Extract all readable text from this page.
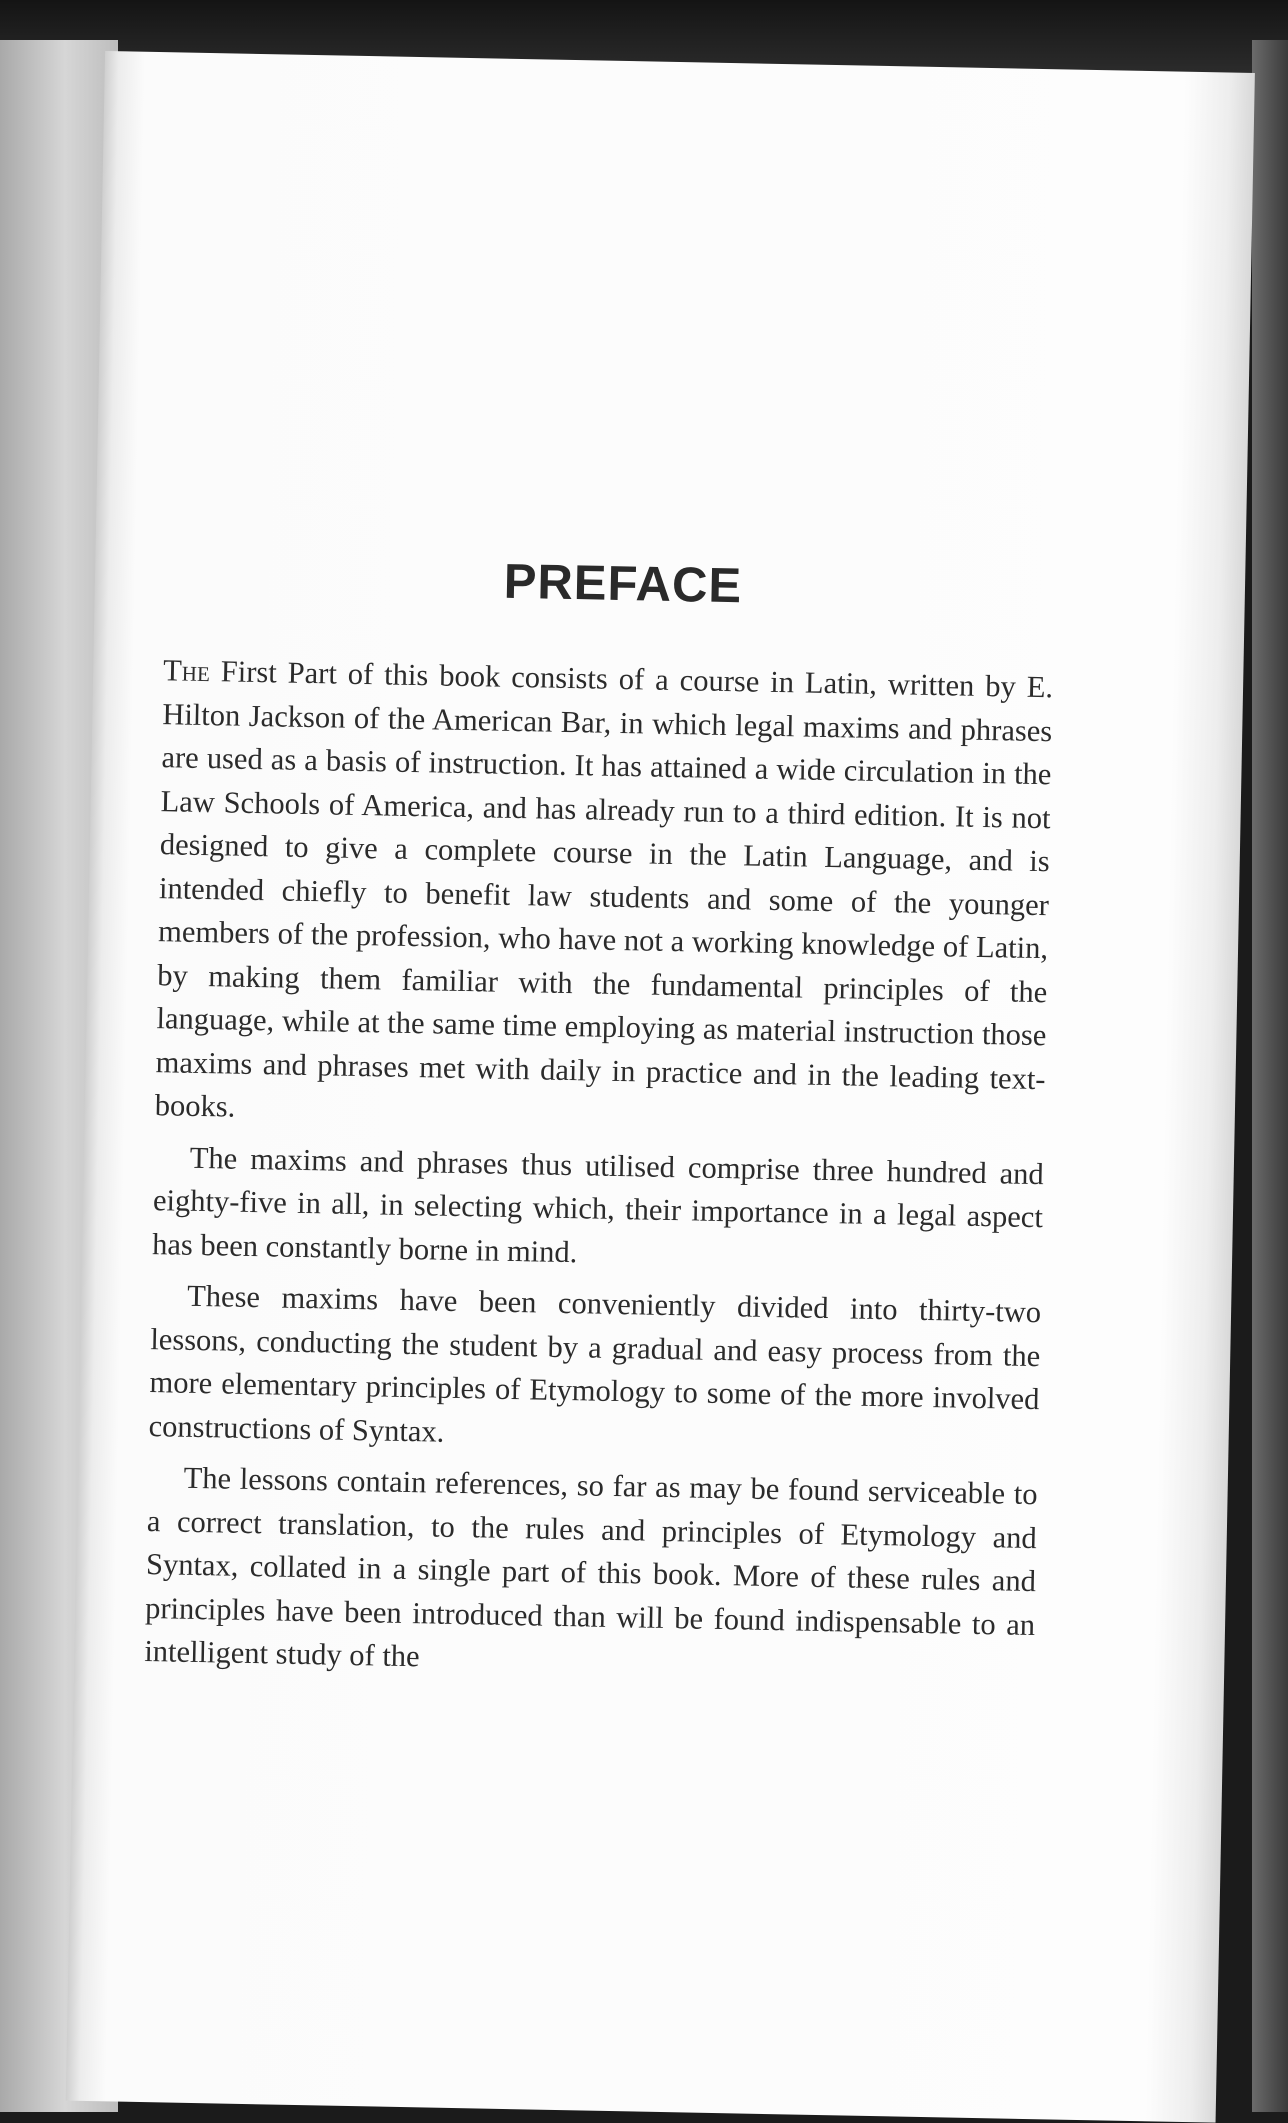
PREFACE

The First Part of this book consists of a course in Latin, written by E. Hilton Jackson of the American Bar, in which legal maxims and phrases are used as a basis of instruction. It has attained a wide circulation in the Law Schools of America, and has already run to a third edition. It is not designed to give a complete course in the Latin Language, and is intended chiefly to benefit law students and some of the younger members of the profession, who have not a working knowledge of Latin, by making them familiar with the fundamental principles of the language, while at the same time employing as material instruction those maxims and phrases met with daily in practice and in the leading text-books.

The maxims and phrases thus utilised comprise three hundred and eighty-five in all, in selecting which, their importance in a legal aspect has been constantly borne in mind.

These maxims have been conveniently divided into thirty-two lessons, conducting the student by a gradual and easy process from the more elementary principles of Etymology to some of the more involved constructions of Syntax.

The lessons contain references, so far as may be found serviceable to a correct translation, to the rules and principles of Etymology and Syntax, collated in a single part of this book. More of these rules and principles have been introduced than will be found indispensable to an intelligent study of the
